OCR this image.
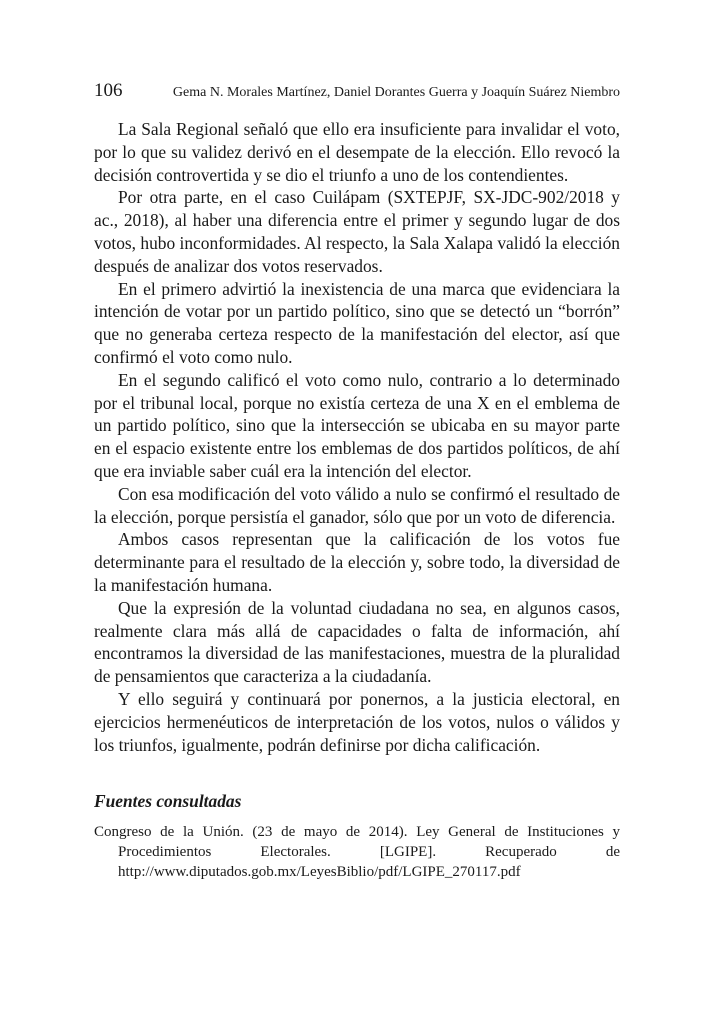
106	Gema N. Morales Martínez, Daniel Dorantes Guerra y Joaquín Suárez Niembro

La Sala Regional señaló que ello era insuficiente para invalidar el voto, por lo que su validez derivó en el desempate de la elección. Ello revocó la decisión controvertida y se dio el triunfo a uno de los contendientes.

Por otra parte, en el caso Cuilápam (SXTEPJF, SX-JDC-902/2018 y ac., 2018), al haber una diferencia entre el primer y segundo lugar de dos votos, hubo inconformidades. Al respecto, la Sala Xalapa validó la elección después de analizar dos votos reservados.

En el primero advirtió la inexistencia de una marca que evidenciara la intención de votar por un partido político, sino que se detectó un “borrón” que no generaba certeza respecto de la manifestación del elector, así que confirmó el voto como nulo.

En el segundo calificó el voto como nulo, contrario a lo determinado por el tribunal local, porque no existía certeza de una X en el emblema de un partido político, sino que la intersección se ubicaba en su mayor parte en el espacio existente entre los emblemas de dos partidos políticos, de ahí que era inviable saber cuál era la intención del elector.

Con esa modificación del voto válido a nulo se confirmó el resultado de la elección, porque persistía el ganador, sólo que por un voto de diferencia.

Ambos casos representan que la calificación de los votos fue determinante para el resultado de la elección y, sobre todo, la diversidad de la manifestación humana.

Que la expresión de la voluntad ciudadana no sea, en algunos casos, realmente clara más allá de capacidades o falta de información, ahí encontramos la diversidad de las manifestaciones, muestra de la pluralidad de pensamientos que caracteriza a la ciudadanía.

Y ello seguirá y continuará por ponernos, a la justicia electoral, en ejercicios hermenéuticos de interpretación de los votos, nulos o válidos y los triunfos, igualmente, podrán definirse por dicha calificación.

Fuentes consultadas
Congreso de la Unión. (23 de mayo de 2014). Ley General de Instituciones y Procedimientos Electorales. [LGIPE]. Recuperado de http://www.diputados.gob.mx/LeyesBiblio/pdf/LGIPE_270117.pdf
